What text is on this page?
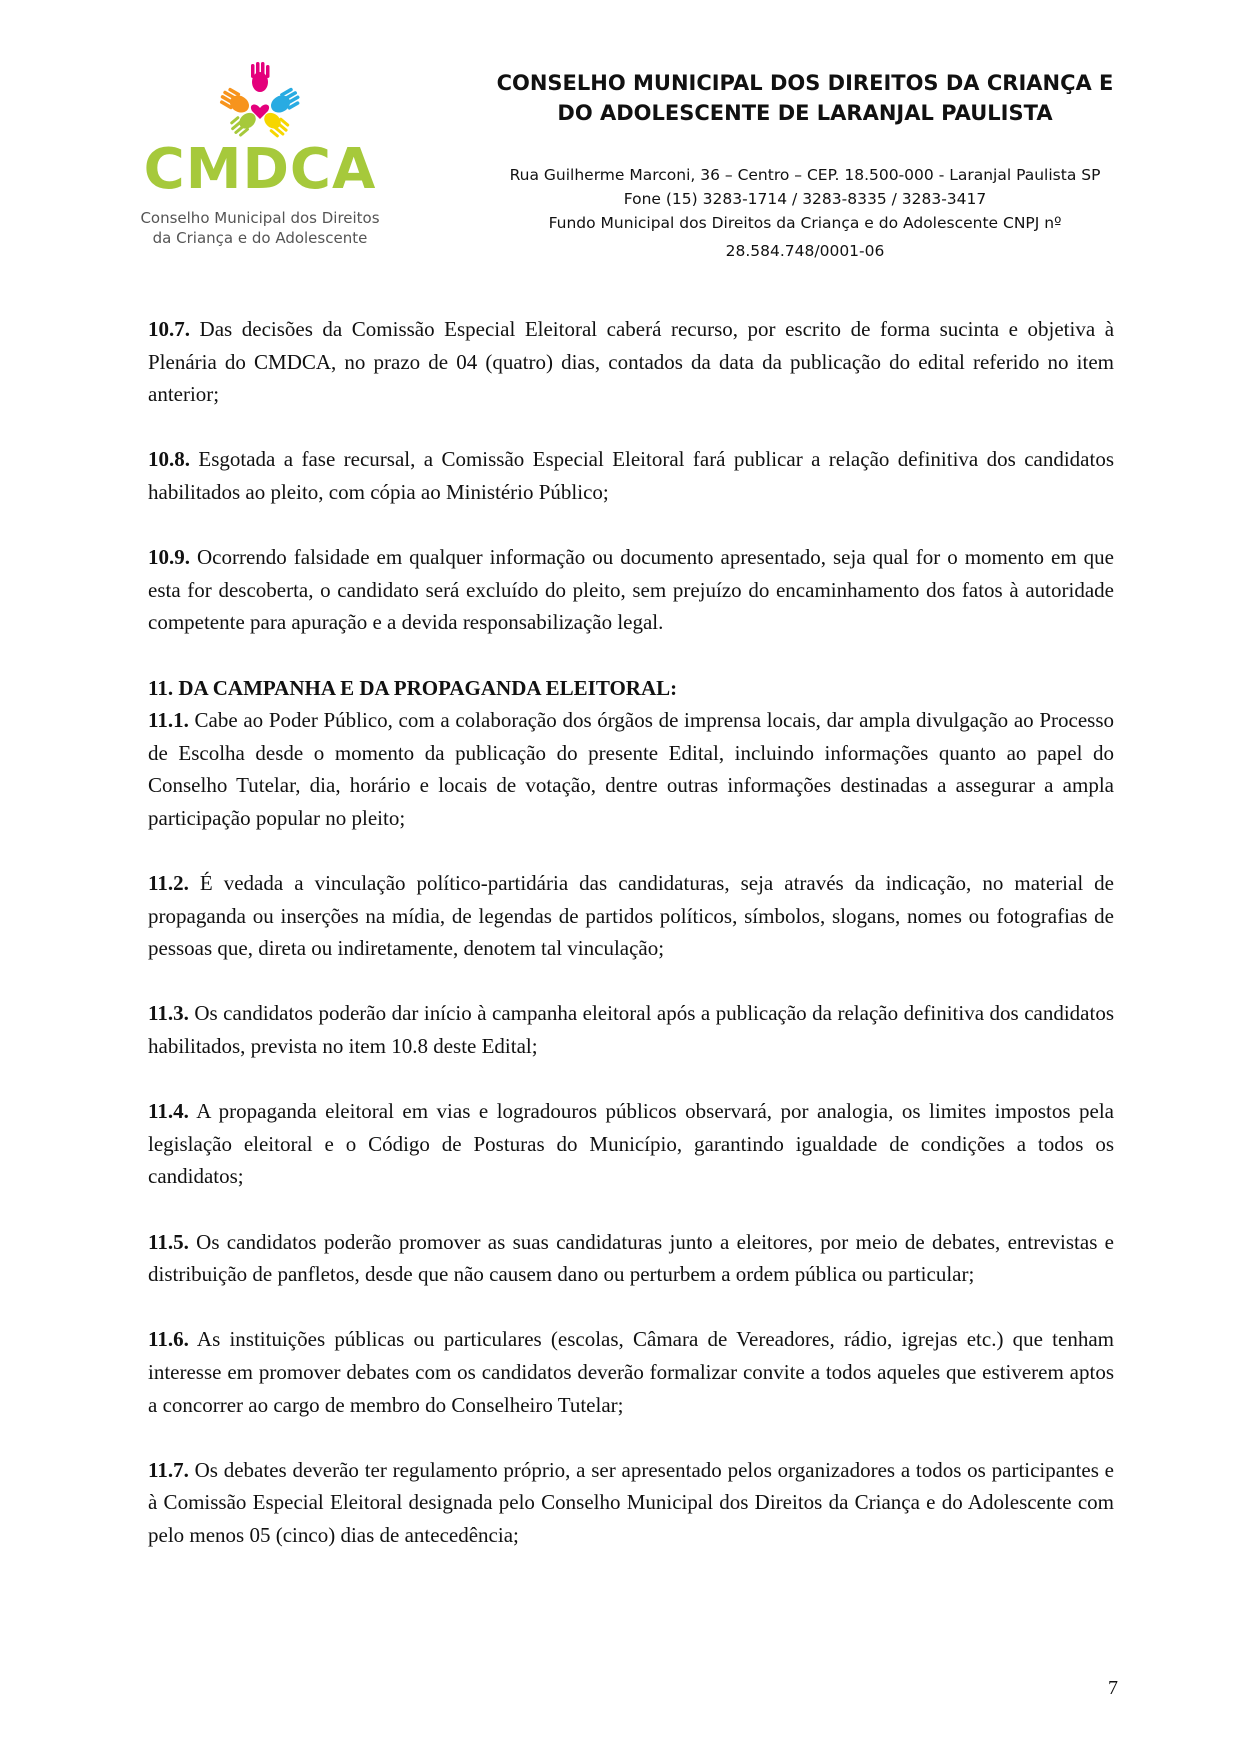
CMDCA
Conselho Municipal dos Direitos
da Criança e do Adolescente
CONSELHO MUNICIPAL DOS DIREITOS DA CRIANÇA E
DO ADOLESCENTE DE LARANJAL PAULISTA
Rua Guilherme Marconi, 36 – Centro – CEP. 18.500-000 - Laranjal Paulista SP
Fone (15) 3283-1714 / 3283-8335 / 3283-3417
Fundo Municipal dos Direitos da Criança e do Adolescente CNPJ nº
28.584.748/0001-06

10.7. Das decisões da Comissão Especial Eleitoral caberá recurso, por escrito de forma sucinta e objetiva à Plenária do CMDCA, no prazo de 04 (quatro) dias, contados da data da publicação do edital referido no item anterior;

10.8. Esgotada a fase recursal, a Comissão Especial Eleitoral fará publicar a relação definitiva dos candidatos habilitados ao pleito, com cópia ao Ministério Público;

10.9. Ocorrendo falsidade em qualquer informação ou documento apresentado, seja qual for o momento em que esta for descoberta, o candidato será excluído do pleito, sem prejuízo do encaminhamento dos fatos à autoridade competente para apuração e a devida responsabilização legal.

11. DA CAMPANHA E DA PROPAGANDA ELEITORAL:

11.1. Cabe ao Poder Público, com a colaboração dos órgãos de imprensa locais, dar ampla divulgação ao Processo de Escolha desde o momento da publicação do presente Edital, incluindo informações quanto ao papel do Conselho Tutelar, dia, horário e locais de votação, dentre outras informações destinadas a assegurar a ampla participação popular no pleito;

11.2. É vedada a vinculação político-partidária das candidaturas, seja através da indicação, no material de propaganda ou inserções na mídia, de legendas de partidos políticos, símbolos, slogans, nomes ou fotografias de pessoas que, direta ou indiretamente, denotem tal vinculação;

11.3. Os candidatos poderão dar início à campanha eleitoral após a publicação da relação definitiva dos candidatos habilitados, prevista no item 10.8 deste Edital;

11.4. A propaganda eleitoral em vias e logradouros públicos observará, por analogia, os limites impostos pela legislação eleitoral e o Código de Posturas do Município, garantindo igualdade de condições a todos os candidatos;

11.5. Os candidatos poderão promover as suas candidaturas junto a eleitores, por meio de debates, entrevistas e distribuição de panfletos, desde que não causem dano ou perturbem a ordem pública ou particular;

11.6. As instituições públicas ou particulares (escolas, Câmara de Vereadores, rádio, igrejas etc.) que tenham interesse em promover debates com os candidatos deverão formalizar convite a todos aqueles que estiverem aptos a concorrer ao cargo de membro do Conselheiro Tutelar;

11.7. Os debates deverão ter regulamento próprio, a ser apresentado pelos organizadores a todos os participantes e à Comissão Especial Eleitoral designada pelo Conselho Municipal dos Direitos da Criança e do Adolescente com pelo menos 05 (cinco) dias de antecedência;

7
